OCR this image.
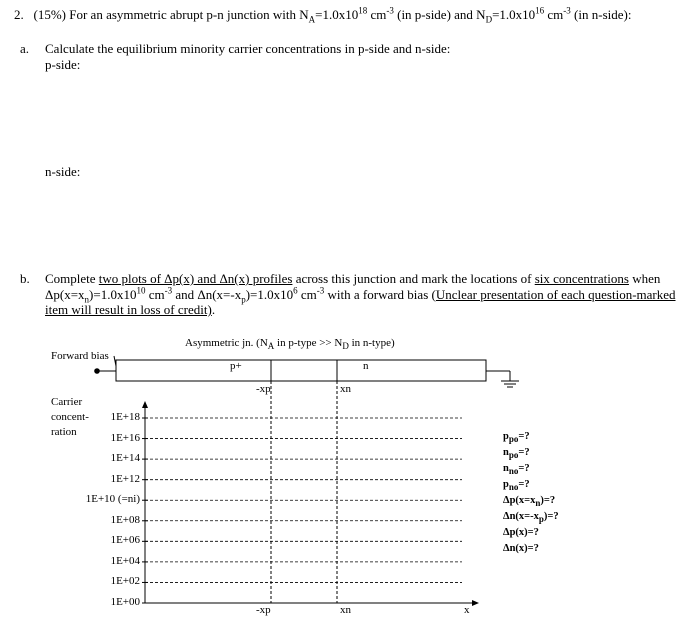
2. (15%) For an asymmetric abrupt p-n junction with $N_A=1.0x10^{18}$ $cm^{-3}$ (in p-side) and $N_D=1.0x10^{16}$ $cm^{-3}$ (in n-side):
a. Calculate the equilibrium minority carrier concentrations in p-side and n-side:
p-side:
n-side:
b. Complete two plots of Δp(x) and Δn(x) profiles across this junction and mark the locations of six concentrations when
$\Delta p(x=x_n)=1.0x10^{10}$ $cm^{-3}$ and $\Delta n(x=-x_p)=1.0x10^6$ $cm^{-3}$ with a forward bias (Unclear presentation of each question-marked
item will result in loss of credit).
Asymmetric jn. ($N_A$ in p-type >> $N_D$ in n-type)
Forward bias
p+	n
-xp	xn
-xp	xn	x
Carrier
concent-
ration
1E+18
1E+16
1E+14
1E+12
1E+10 (=ni)
1E+08
1E+06
1E+04
1E+02
1E+00
$p_{po}=$?
$n_{po}=$?
$n_{no}=$?
$p_{no}=$?
$\Delta p(x=x_n)=$?
$\Delta n(x=-x_p)=$?
Δp(x)=?
Δn(x)=?
